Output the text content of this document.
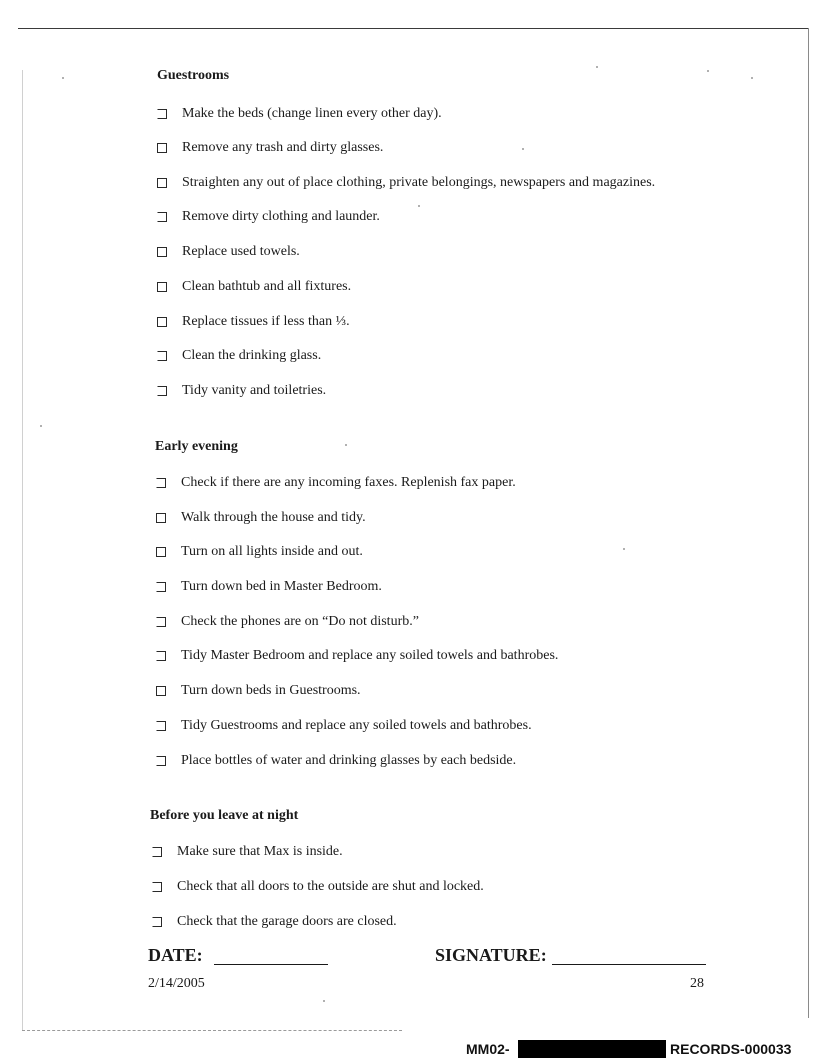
Guestrooms
Make the beds (change linen every other day).
Remove any trash and dirty glasses.
Straighten any out of place clothing, private belongings, newspapers and magazines.
Remove dirty clothing and launder.
Replace used towels.
Clean bathtub and all fixtures.
Replace tissues if less than ⅓.
Clean the drinking glass.
Tidy vanity and toiletries.
Early evening
Check if there are any incoming faxes. Replenish fax paper.
Walk through the house and tidy.
Turn on all lights inside and out.
Turn down bed in Master Bedroom.
Check the phones are on “Do not disturb.”
Tidy Master Bedroom and replace any soiled towels and bathrobes.
Turn down beds in Guestrooms.
Tidy Guestrooms and replace any soiled towels and bathrobes.
Place bottles of water and drinking glasses by each bedside.
Before you leave at night
Make sure that Max is inside.
Check that all doors to the outside are shut and locked.
Check that the garage doors are closed.
DATE:	SIGNATURE:
2/14/2005	28
MM02-	RECORDS-000033
